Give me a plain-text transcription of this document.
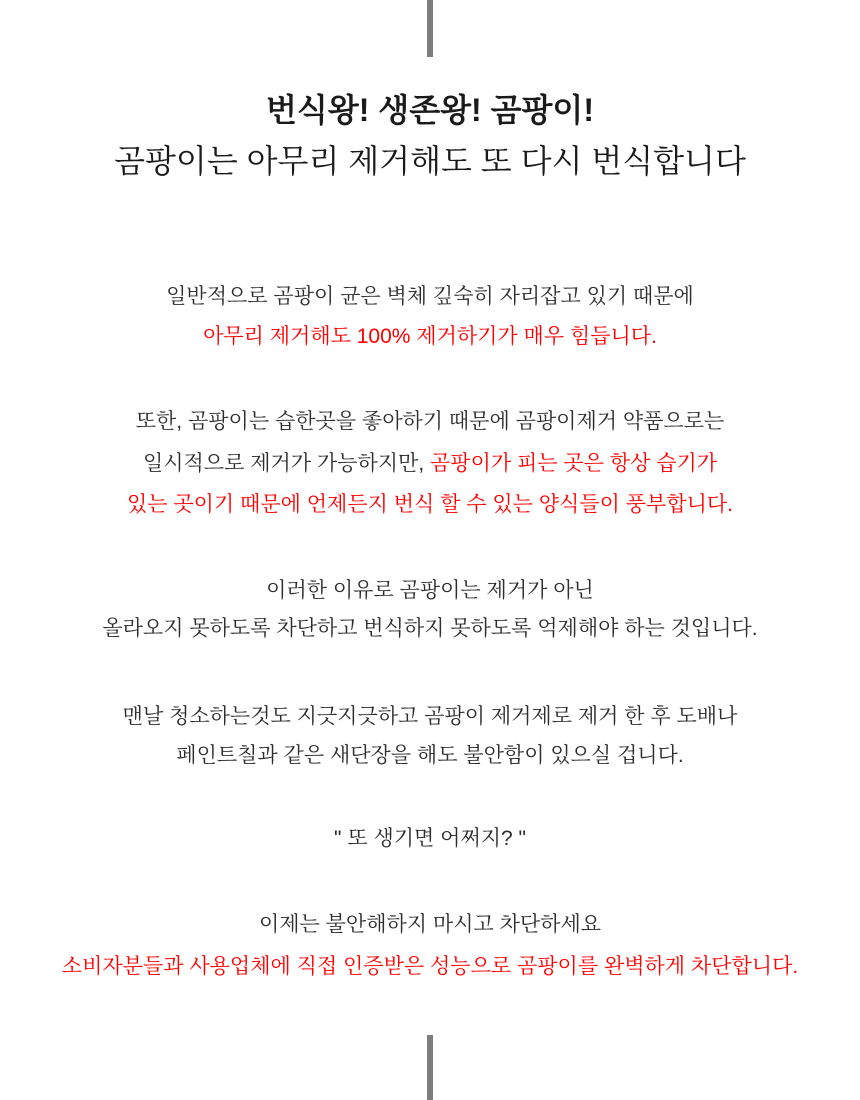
번식왕! 생존왕! 곰팡이!
곰팡이는 아무리 제거해도 또 다시 번식합니다

일반적으로 곰팡이 균은 벽체 깊숙히 자리잡고 있기 때문에

아무리 제거해도 100% 제거하기가 매우 힘듭니다.

또한, 곰팡이는 습한곳을 좋아하기 때문에 곰팡이제거 약품으로는

일시적으로 제거가 가능하지만, 곰팡이가 피는 곳은 항상 습기가

있는 곳이기 때문에 언제든지 번식 할 수 있는 양식들이 풍부합니다.

이러한 이유로 곰팡이는 제거가 아닌

올라오지 못하도록 차단하고 번식하지 못하도록 억제해야 하는 것입니다.

맨날 청소하는것도 지긋지긋하고 곰팡이 제거제로 제거 한 후 도배나

페인트칠과 같은 새단장을 해도 불안함이 있으실 겁니다.

" 또 생기면 어쩌지? "

이제는 불안해하지 마시고 차단하세요

소비자분들과 사용업체에 직접 인증받은 성능으로 곰팡이를 완벽하게 차단합니다.
